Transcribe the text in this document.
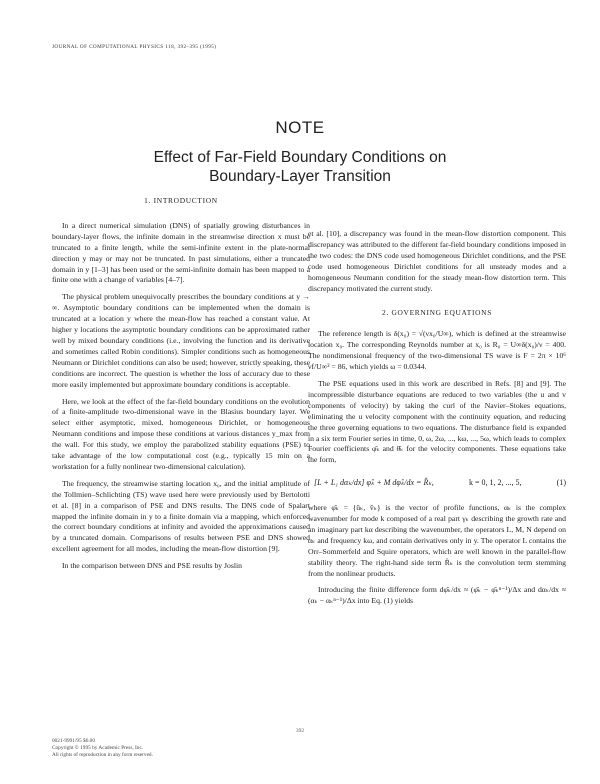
JOURNAL OF COMPUTATIONAL PHYSICS 118, 392–395 (1995)
NOTE
Effect of Far-Field Boundary Conditions on
Boundary-Layer Transition
1. INTRODUCTION

In a direct numerical simulation (DNS) of spatially growing disturbances in boundary-layer flows, the infinite domain in the streamwise direction x must be truncated to a finite length, while the semi-infinite extent in the plate-normal direction y may or may not be truncated. In past simulations, either a truncated domain in y [1–3] has been used or the semi-infinite domain has been mapped to a finite one with a change of variables [4–7].

The physical problem unequivocally prescribes the boundary conditions at y → ∞. Asymptotic boundary conditions can be implemented when the domain is truncated at a location y where the mean-flow has reached a constant value. At higher y locations the asymptotic boundary conditions can be approximated rather well by mixed boundary conditions (i.e., involving the function and its derivative and sometimes called Robin conditions). Simpler conditions such as homogeneous Neumann or Dirichlet conditions can also be used; however, strictly speaking, these conditions are incorrect. The question is whether the loss of accuracy due to these more easily implemented but approximate boundary conditions is acceptable.

Here, we look at the effect of the far-field boundary conditions on the evolution of a finite-amplitude two-dimensional wave in the Blasius boundary layer. We select either asymptotic, mixed, homogeneous Dirichlet, or homogeneous Neumann conditions and impose these conditions at various distances y_max from the wall. For this study, we employ the parabolized stability equations (PSE) to take advantage of the low computational cost (e.g., typically 15 min on a workstation for a fully nonlinear two-dimensional calculation).

The frequency, the streamwise starting location x₀, and the initial amplitude of the Tollmien–Schlichting (TS) wave used here were previously used by Bertolotti et al. [8] in a comparison of PSE and DNS results. The DNS code of Spalart mapped the infinite domain in y to a finite domain via a mapping, which enforced the correct boundary conditions at infinity and avoided the approximations caused by a truncated domain. Comparisons of results between PSE and DNS showed excellent agreement for all modes, including the mean-flow distortion [9].

In the comparison between DNS and PSE results by Joslin

et al. [10], a discrepancy was found in the mean-flow distortion component. This discrepancy was attributed to the different far-field boundary conditions imposed in the two codes: the DNS code used homogeneous Dirichlet conditions, and the PSE code used homogeneous Dirichlet conditions for all unsteady modes and a homogeneous Neumann condition for the steady mean-flow distortion term. This discrepancy motivated the current study.

2. GOVERNING EQUATIONS

The reference length is δ(x₀) = √(νx₀/U∞), which is defined at the streamwise location x₀. The corresponding Reynolds number at x₀ is R₀ = U∞δ(x₀)/ν = 400. The nondimensional frequency of the two-dimensional TS wave is F = 2π × 10⁶ νf/U∞² = 86, which yields ω = 0.0344.

The PSE equations used in this work are described in Refs. [8] and [9]. The incompressible disturbance equations are reduced to two variables (the u and v components of velocity) by taking the curl of the Navier–Stokes equations, eliminating the u velocity component with the continuity equation, and reducing the three governing equations to two equations. The disturbance field is expanded in a six term Fourier series in time, 0, ω, 2ω, ..., kω, ..., 5ω, which leads to complex Fourier coefficients φ̂ₖ and θ̂ₖ for the velocity components. These equations take the form,

[L + L₁ dαₖ/dx] φ̂ₖ + M dφ̂ₖ/dx = R̂ₖ,	k = 0, 1, 2, ..., 5,	(1)

where φ̂ₖ = {ûₖ, v̂ₖ} is the vector of profile functions, αₖ is the complex wavenumber for mode k composed of a real part γₖ describing the growth rate and an imaginary part kα describing the wavenumber, the operators L, M, N depend on αₖ and frequency kω, and contain derivatives only in y. The operator L contains the Orr–Sommerfeld and Squire operators, which are well known in the parallel-flow stability theory. The right-hand side term R̂ₖ is the convolution term stemming from the nonlinear products.

Introducing the finite difference form dφ̂ₖ/dx ≈ (φ̂ₖ − φ̂ₖⁿ⁻¹)/Δx and dαₖ/dx ≈ (αₖ − αₖⁿ⁻¹)/Δx into Eq. (1) yields

392
0021-9991/95 $6.00
Copyright © 1995 by Academic Press, Inc.
All rights of reproduction in any form reserved.
